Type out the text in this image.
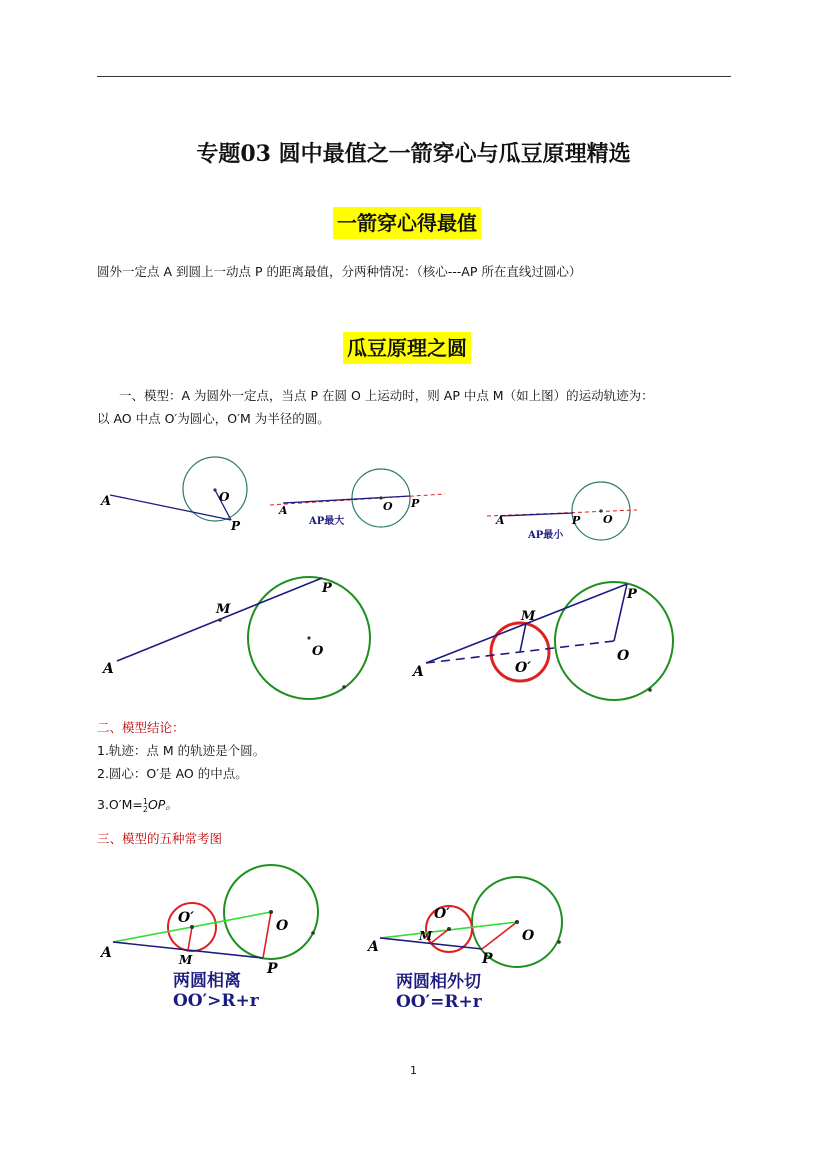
专题03 圆中最值之一箭穿心与瓜豆原理精选
一箭穿心得最值
圆外一定点 A 到圆上一动点 P 的距离最值，分两种情况：（核心---AP 所在直线过圆心）
瓜豆原理之圆
一、模型：A 为圆外一定点，当点 P 在圆 O 上运动时，则 AP 中点 M（如上图）的运动轨迹为：
以 AO 中点 O′为圆心，O′M 为半径的圆。
二、模型结论：
1.轨迹：点 M 的轨迹是个圆。
2.圆心：O′是 AO 的中点。
3.O′M=1
2OP。
三、模型的五种常考图
A	O
P
A	O P
AP最大	A	O
P
AP最小
A
M
O
P
A
M
O′
O
P
A
O′	O
M
P
两圆相离
OO′>R+r
A
O′
O
M
P
两圆相外切
OO′=R+r
1
